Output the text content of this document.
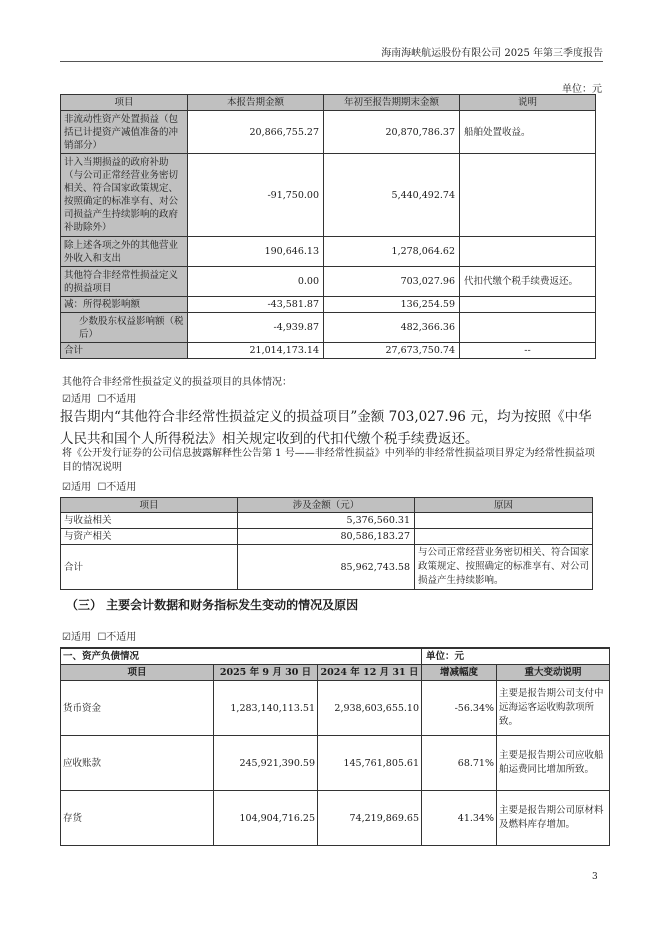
海南海峡航运股份有限公司 2025 年第三季度报告
单位：元
项目	本报告期金额	年初至报告期期末金额	说明
非流动性资产处置损益（包括已计提资产减值准备的冲销部分）	20,866,755.27	20,870,786.37	船舶处置收益。
计入当期损益的政府补助（与公司正常经营业务密切相关、符合国家政策规定、按照确定的标准享有、对公司损益产生持续影响的政府补助除外）	-91,750.00	5,440,492.74	
除上述各项之外的其他营业外收入和支出	190,646.13	1,278,064.62	
其他符合非经常性损益定义的损益项目	0.00	703,027.96	代扣代缴个税手续费返还。
减：所得税影响额	-43,581.87	136,254.59	
少数股东权益影响额（税后）	-4,939.87	482,366.36	
合计	21,014,173.14	27,673,750.74	--
其他符合非经常性损益定义的损益项目的具体情况：
☑适用 ☐不适用
报告期内“其他符合非经常性损益定义的损益项目”金额 703,027.96 元，均为按照《中华人民共和国个人所得税法》相关规定收到的代扣代缴个税手续费返还。
将《公开发行证券的公司信息披露解释性公告第 1 号——非经常性损益》中列举的非经常性损益项目界定为经常性损益项目的情况说明
☑适用 ☐不适用
项目	涉及金额（元）	原因
与收益相关	5,376,560.31	
与资产相关	80,586,183.27	
合计	85,962,743.58	与公司正常经营业务密切相关、符合国家政策规定、按照确定的标准享有、对公司损益产生持续影响。
（三） 主要会计数据和财务指标发生变动的情况及原因
☑适用 ☐不适用
一、资产负债情况			单位：元	
项目	2025 年 9 月 30 日	2024 年 12 月 31 日	增减幅度	重大变动说明
货币资金	1,283,140,113.51	2,938,603,655.10	-56.34%	主要是报告期公司支付中远海运客运收购款项所致。
应收账款	245,921,390.59	145,761,805.61	68.71%	主要是报告期公司应收船舶运费同比增加所致。
存货	104,904,716.25	74,219,869.65	41.34%	主要是报告期公司原材料及燃料库存增加。
3
